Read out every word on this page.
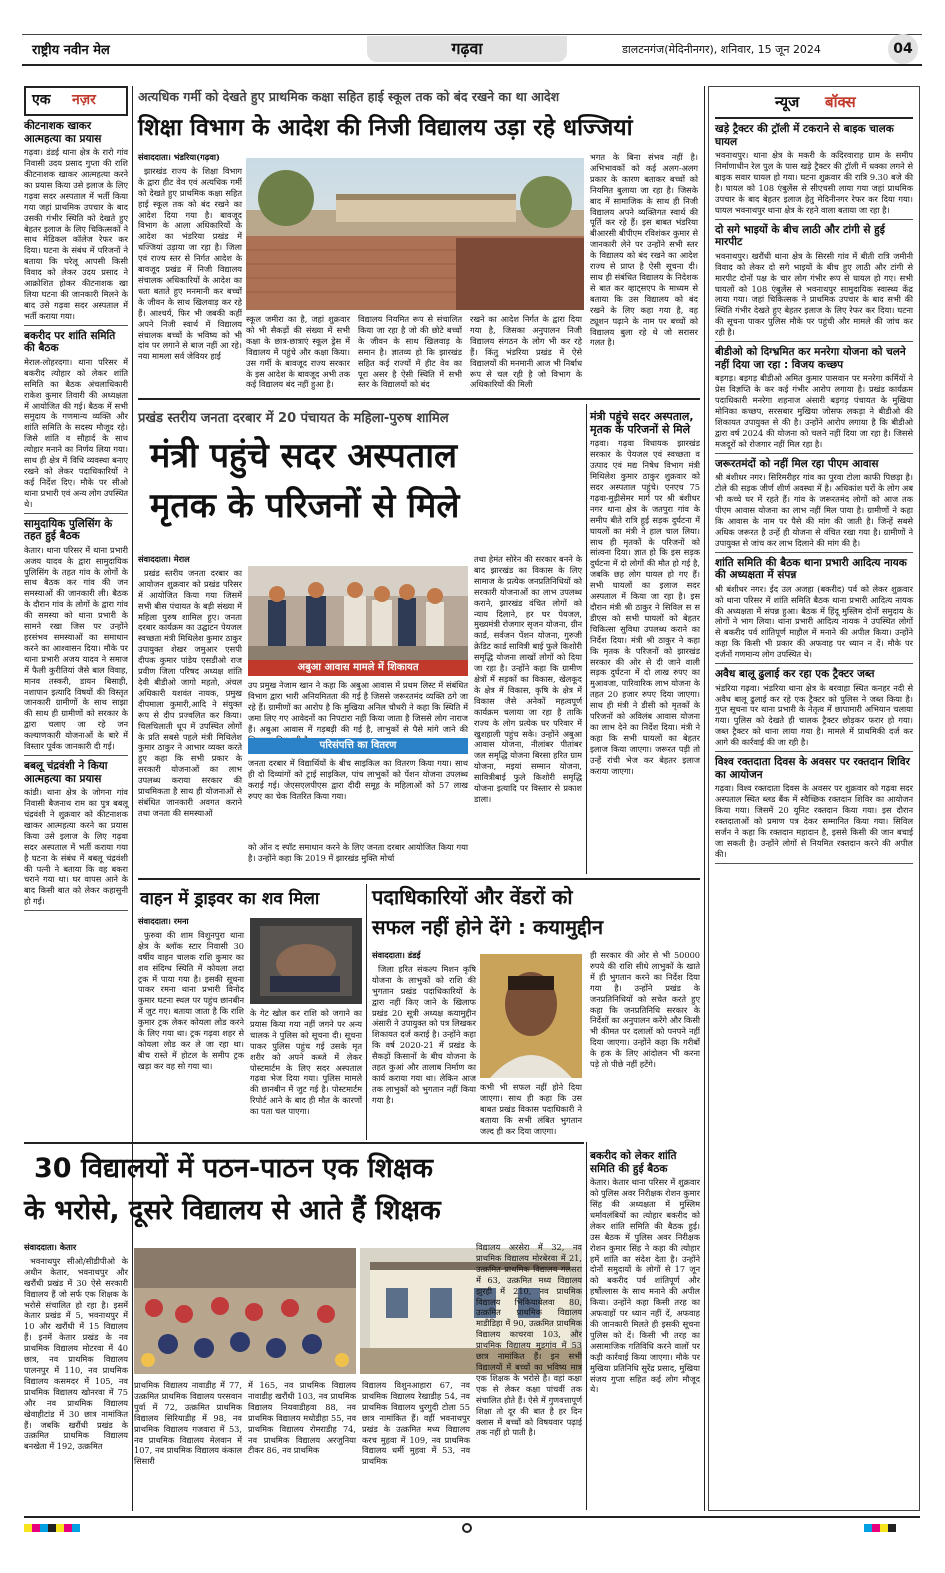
राष्ट्रीय नवीन मेल	गढ़वा	डालटनगंज(मेदिनीनगर), शनिवार, 15 जून 2024	04
एक नज़र
कीटनाशक खाकर आत्महत्या का प्रयास

गढ़वा। डंडई थाना क्षेत्र के रारो गांव निवासी उदय प्रसाद गुप्ता की राशि कीटनाशक खाकर आत्महत्या करने का प्रयास किया उसे इलाज के लिए गढ़वा सदर अस्पताल में भर्ती किया गया जहां प्राथमिक उपचार के बाद उसकी गंभीर स्थिति को देखते हुए बेहतर इलाज के लिए चिकित्सकों ने साथ मेडिकल कॉलेज रेफर कर दिया। घटना के संबंध में परिजनों ने बताया कि घरेलू आपसी किसी विवाद को लेकर उदय प्रसाद ने आक्रोशित होकर कीटनाशक खा लिया घटना की जानकारी मिलने के बाद उसे गढ़वा सदर अस्पताल में भर्ती कराया गया।

बकरीद पर शांति समिति की बैठक

मेराल-लोहरदगा। थाना परिसर में बकरीद त्योहार को लेकर शांति समिति का बैठक अंचलाधिकारी राकेश कुमार तिवारी की अध्यक्षता में आयोजित की गई। बैठक में सभी समुदाय के गणमान्य व्यक्ति और शांति समिति के सदस्य मौजूद रहे। जिसे शांति व सौहार्द के साथ त्योहार मनाने का निर्णय लिया गया। साथ ही क्षेत्र में विधि व्यवस्था बनाए रखने को लेकर पदाधिकारियों ने कई निर्देश दिए। मौके पर सीओ थाना प्रभारी एवं अन्य लोग उपस्थित थे।

सामुदायिक पुलिसिंग के तहत हुई बैठक

केतार। थाना परिसर में थाना प्रभारी अजय यादव के द्वारा सामुदायिक पुलिसिंग के तहत गांव के लोगों के साथ बैठक कर गांव की जन समस्याओं की जानकारी ली। बैठक के दौरान गांव के लोगों के द्वारा गांव की समस्या को थाना प्रभारी के सामने रखा जिस पर उन्होंने हरसंभव समस्याओं का समाधान करने का आश्वासन दिया। मौके पर थाना प्रभारी अजय यादव ने समाज में फैली कुरीतियां जैसे बाल विवाह, मानव तस्करी, डायन बिसाही, नशापान इत्यादि विषयों की विस्तृत जानकारी ग्रामीणों के साथ साझा की साथ ही ग्रामीणों को सरकार के द्वारा चलाए जा रहे जन कल्याणकारी योजनाओं के बारे में विस्तार पूर्वक जानकारी दी गई।

बबलू चंद्रवंशी ने किया आत्महत्या का प्रयास

कांडी। थाना क्षेत्र के जोगना गांव निवासी बैजनाथ राम का पुत्र बबलू चंद्रवंशी ने शुक्रवार को कीटनाशक खाकर आत्महत्या करने का प्रयास किया उसे इलाज के लिए गढ़वा सदर अस्पताल में भर्ती कराया गया है घटना के संबंध में बबलू चंद्रवंशी की पत्नी ने बताया कि वह बकरा चराने गया था। घर वापस आने के बाद किसी बात को लेकर कहासुनी हो गई।

अत्यधिक गर्मी को देखते हुए प्राथमिक कक्षा सहित हाई स्कूल तक को बंद रखने का था आदेश
शिक्षा विभाग के आदेश की निजी विद्यालय उड़ा रहे धज्जियां

संवाददाता। भंडरिया(गढ़वा)

झारखंड राज्य के शिक्षा विभाग के द्वारा हीट वेव एवं अत्यधिक गर्मी को देखते हुए प्राथमिक कक्षा सहित हाई स्कूल तक को बंद रखने का आदेश दिया गया है। बावजूद विभाग के आला अधिकारियों के आदेश का भंडरिया प्रखंड में धज्जियां उड़ाया जा रहा है। जिला एवं राज्य स्तर से निर्गत आदेश के बावजूद प्रखंड में निजी विद्यालय संचालक अधिकारियों के आदेश का धता बताते हुए मनमानी कर बच्चों के जीवन के साथ खिलवाड़ कर रहे हैं। आश्चर्य, फिर भी जबकी कहीं अपने निजी स्वार्थ में विद्यालय संचालक बच्चों के भविष्य को भी दांव पर लगाने से बाज नहीं आ रहे। नया मामला सर्व जेवियर हाई

स्कूल जमीरा का है, जहां शुक्रवार को भी सैकड़ों की संख्या में सभी कक्षा के छात्र-छात्राएं स्कूल ड्रेस में विद्यालय में पहुंचे और कक्षा किया। उस गर्मी के बावजूद राज्य सरकार के इस आदेश के बावजूद अभी तक कई विद्यालय बंद नहीं हुआ है।

विद्यालय नियमित रूप से संचालित किया जा रहा है जो की छोटे बच्चों के जीवन के साथ खिलवाड़ के समान है। ज्ञातव्य हो कि झारखंड सहित कई राज्यों में हीट वेव का पूरा असर है ऐसी स्थिति में सभी स्तर के विद्यालयों को बंद

रखने का आदेश निर्गत के द्वारा दिया गया है, जिसका अनुपालन निजी विद्यालय संगठन के लोग भी कर रहे हैं। किंतु भंडरिया प्रखंड में ऐसे विद्यालयों की मनमानी आज भी निर्बाध रूप से चल रही है जो विभाग के अधिकारियों की मिली

भगत के बिना संभव नहीं है। अभिभावकों को कई अलग-अलग प्रकार के कारण बताकर बच्चों को नियमित बुलाया जा रहा है। जिसके बाद में सामाजिक के साथ ही निजी विद्यालय अपने व्यक्तिगत स्वार्थ की पूर्ति कर रहे हैं। इस बाबत भंडरिया बीआरसी बीपीएम रविशंकर कुमार से जानकारी लेने पर उन्होंने सभी स्तर के विद्यालय को बंद रखने का आदेश राज्य से प्राप्त है ऐसी सूचना दी। साथ ही संबंधित विद्यालय के निदेशक से बात कर व्हाट्सएप के माध्यम से बताया कि उस विद्यालय को बंद रखने के लिए कहा गया है, वह ट्यूशन पढ़ाने के नाम पर बच्चों को विद्यालय बुला रहे थे जो सरासर गलत है।

प्रखंड स्तरीय जनता दरबार में 20 पंचायत के महिला-पुरुष शामिल
मंत्री पहुंचे सदर अस्पताल
मृतक के परिजनों से मिले

संवाददाता। मेराल

प्रखंड स्तरीय जनता दरबार का आयोजन शुक्रवार को प्रखंड परिसर में आयोजित किया गया जिसमें सभी बीस पंचायत के बड़ी संख्या में महिला पुरुष शामिल हुए। जनता दरबार कार्यक्रम का उद्घाटन पेयजल स्वच्छता मंत्री मिथिलेश कुमार ठाकुर उपायुक्त शेखर जमुआर एसपी दीपक कुमार पांडेय एसडीओ राज प्रवीण जिला परिषद अध्यक्ष शांति देवी बीडीओ जागो महतो, अंचल अधिकारी यशवंत नायक, प्रमुख दीपमाला कुमारी,आदि ने संयुक्त रूप से दीप प्रज्वलित कर किया। चिलचिलाती धूप में उपस्थित लोगों के प्रति सबसे पहले मंत्री मिथिलेश कुमार ठाकुर ने आभार व्यक्त करते हुए कहा कि सभी प्रकार के सरकारी योजनाओं का लाभ उपलब्ध कराया सरकार की प्राथमिकता है साथ ही योजनाओं से संबंधित जानकारी अवगत कराने तथा जनता की समस्याओं

अबुआ आवास मामले में शिकायत

उप प्रमुख नेजाम खान ने कहा कि अबुआ आवास में प्रथम लिस्ट में संबंधित विभाग द्वारा भारी अनियमितता की गई है जिससे जरूरतमंद व्यक्ति ठगे जा रहे हैं। ग्रामीणों का आरोप है कि मुखिया अनिल चौधरी ने कहा कि स्थिति में जमा लिए गए आवेदनों का निपटारा नहीं किया जाता है जिससे लोग नाराज हैं। अबुआ आवास में गड़बड़ी की गई है, लाभुकों से पैसे मांगे जाने की

परिसंपत्ति का वितरण

जनता दरबार में विद्यार्थियों के बीच साइकिल का वितरण किया गया। साथ ही दो दिव्यांगों को ट्राई साइकिल, पांच लाभुकों को पेंशन योजना उपलब्ध कराई गई। जेएसएलपीएस द्वारा दीदी समूह के महिलाओं को 57 लाख रुपए का चेक वितरित किया गया।

को ऑन द स्पॉट समाधान करने के लिए जनता दरबार आयोजित किया गया है। उन्होंने कहा कि 2019 में झारखंड मुक्ति मोर्चा

तथा हेमंत सोरेन की सरकार बनने के बाद झारखंड का विकास के लिए सामाज के प्रत्येक जनप्रतिनिधियों को सरकारी योजनाओं का लाभ उपलब्ध कराने, झारखंड वंचित लोगों को न्याय दिलाने, हर घर पेयजल, मुख्यमंत्री रोजगार सृजन योजना, ग्रीन कार्ड, सर्वजन पेंशन योजना, गुरुजी क्रेडिट कार्ड सावित्री बाई फुले किशोरी समृद्धि योजना लाखों लोगों को दिया जा रहा है। उन्होंने कहा कि ग्रामीण क्षेत्रों में सड़कों का विकास, खेलकूद के क्षेत्र में विकास, कृषि के क्षेत्र में विकास जैसे अनेकों महत्वपूर्ण कार्यक्रम चलाया जा रहा है ताकि राज्य के लोग प्रत्येक घर परिवार में खुशहाली पहुंच सके। उन्होंने अबुआ आवास योजना, नीलांबर पीतांबर जल समृद्धि योजना बिरसा हरित ग्राम योजना, मइयां सम्मान योजना, सावित्रीबाई फुले किशोरी समृद्धि योजना इत्यादि पर विस्तार से प्रकाश डाला।

मंत्री पहुंचे सदर अस्पताल, मृतक के परिजनों से मिले

गढ़वा। गढ़वा विधायक झारखंड सरकार के पेयजल एवं स्वच्छता व उत्पाद एवं मद्य निषेध विभाग मंत्री मिथिलेश कुमार ठाकुर शुक्रवार को सदर अस्पताल पहुंचे। एनएच 75 गढ़वा-मुड़ीसेमर मार्ग पर श्री बंशीधर नगर थाना क्षेत्र के जतपुरा गांव के समीप बीते रात्रि हुई सड़क दुर्घटना में घायलों का मंत्री ने हाल चाल लिया। साथ ही मृतकों के परिजनों को सांत्वना दिया। ज्ञात हो कि इस सड़क दुर्घटना में दो लोगों की मौत हो गई है, जबकि छह लोग घायल हो गए हैं। सभी घायलों का इलाज सदर अस्पताल में किया जा रहा है। इस दौरान मंत्री श्री ठाकुर ने सिविल स स डीएस को सभी घायलों को बेहतर चिकित्सा सुविधा उपलब्ध कराने का निर्देश दिया। मंत्री श्री ठाकुर ने कहा कि मृतक के परिजनों को झारखंड सरकार की ओर से दी जाने वाली सड़क दुर्घटना में दो लाख रुपए का मुआवजा, पारिवारिक लाभ योजना के तहत 20 हजार रुपए दिया जाएगा। साथ ही मंत्री ने डीसी को मृतकों के परिजनों को अविलंब आवास योजना का लाभ देने का निर्देश दिया। मंत्री ने कहा कि सभी घायलों का बेहतर इलाज किया जाएगा। जरूरत पड़ी तो उन्हें रांची भेज कर बेहतर इलाज कराया जाएगा।

वाहन में ड्राइवर का शव मिला

संवाददाता। रमना

फुरुवा की शाम विशुनपुरा थाना क्षेत्र के ब्लॉक स्टार निवासी 30 वर्षीय वाहन चालक राशि कुमार का शव संदिग्ध स्थिति में कोयला लदा ट्रक में पाया गया है। इसकी सूचना पाकर रमना थाना प्रभारी विनोद कुमार घटना स्थल पर पहुंच छानबीन में जुट गए। बताया जाता है कि राशि कुमार ट्रक लेकर कोयला लोड करने के लिए गया था। ट्रक गढ़वा शहर से कोयला लोड कर ले जा रहा था। बीच रास्ते में होटल के समीप ट्रक खड़ा कर वह सो गया था।

के गेट खोल कर राशि को जगाने का प्रयास किया गया नहीं जगने पर अन्य चालक ने पुलिस को सूचना दी। सूचना पाकर पुलिस पहुंच गई उसके मृत शरीर को अपने कब्जे में लेकर पोस्टमार्टम के लिए सदर अस्पताल गढ़वा भेज दिया गया। पुलिस मामले की छानबीन में जुट गई है। पोस्टमार्टम रिपोर्ट आने के बाद ही मौत के कारणों का पता चल पाएगा।

पदाधिकारियों और वेंडरों को
सफल नहीं होने देंगे : कयामुद्दीन

संवाददाता। डंडई

जिला हरित संकल्प मिशन कृषि योजना के लाभुकों को राशि की भुगतान प्रखंड पदाधिकारियों के द्वारा नहीं किए जाने के खिलाफ प्रखंड 20 सूत्री अध्यक्ष कयामुद्दीन अंसारी ने उपायुक्त को पत्र लिखकर शिकायत दर्ज कराई है। उन्होंने कहा कि वर्ष 2020-21 में प्रखंड के सैकड़ों किसानों के बीच योजना के तहत कुआं और तालाब निर्माण का कार्य कराया गया था। लेकिन आज तक लाभुकों को भुगतान नहीं किया गया है।

कभी भी सफल नहीं होने दिया जाएगा। साथ ही कहा कि उस बाबत प्रखंड विकास पदाधिकारी ने बताया कि सभी लंबित भुगतान जल्द ही कर दिया जाएगा।

ही सरकार की ओर से भी 50000 रुपये की राशि सीधे लाभुकों के खाते में ही भुगतान करने का निर्देश दिया गया है। उन्होंने प्रखंड के जनप्रतिनिधियों को सचेत करते हुए कहा कि जनप्रतिनिधि सरकार के निर्देशों का अनुपालन करेंगे और किसी भी कीमत पर दलालों को पनपने नहीं दिया जाएगा। उन्होंने कहा कि गरीबों के हक के लिए आंदोलन भी करना पड़े तो पीछे नहीं हटेंगे।

30 विद्यालयों में पठन-पाठन एक शिक्षक
के भरोसे, दूसरे विद्यालय से आते हैं शिक्षक

संवाददाता। केतार

भवनाथपुर सीओ/सीडीपीओ के अधीन केतार, भवनाथपुर और खरौंधी प्रखंड में 30 ऐसे सरकारी विद्यालय हैं जो सर्फ एक शिक्षक के भरोसे संचालित हो रहा है। इसमें केतार प्रखंड में 5, भवनाथपुर में 10 और खरौंधी में 15 विद्यालय हैं। इनमें केतार प्रखंड के नव प्राथमिक विद्यालय मोटरवा में 40 छात्र, नव प्राथमिक विद्यालय पालनपुर में 110, नव प्राथमिक विद्यालय कसमदर में 105, नव प्राथमिक विद्यालय खोनरवा में 75 और नव प्राथमिक विद्यालय खेवाहीटांड में 30 छात्र नामांकित हैं। जबकि खरौंधी प्रखंड के उत्क्रमित प्राथमिक विद्यालय बनखेता में 192, उत्क्रमित

प्राथमिक विद्यालय नावाडीह में 77, उत्क्रमित प्राथमिक विद्यालय परसवान पुर्वा में 72, उत्क्रमित प्राथमिक विद्यालय सिरियाडीह में 98, नव प्राथमिक विद्यालय गजवारा में 53, नव प्राथमिक विद्यालय मेलवान में 107, नव प्राथमिक विद्यालय कंकाल सिसारी

में 165, नव प्राथमिक विद्यालय नावाडीह खरौंधी 103, नव प्राथमिक विद्यालय नियवाडीहवा 88, नव प्राथमिक विद्यालय मधोडीहा 55, नव प्राथमिक विद्यालय रोमराडीह 74, नव प्राथमिक विद्यालय अरजुनिया टीकर 86, नव प्राथमिक

विद्यालय विशुनआहारा 67, नव प्राथमिक विद्यालय रेखाडीह 54, नव प्राथमिक विद्यालय धुरगुदी टोला 55 छात्र नामांकित हैं। वहीं भवनाथपुर प्रखंड के उत्क्रमित मध्य विद्यालय करच मुहवा में 109, नव प्राथमिक विद्यालय धर्मी मुहवा में 53, नव प्राथमिक

विद्यालय अरसेरा में 32, नव प्राथमिक विद्यालय मोरबेरवा में 21, उत्क्रमित प्राथमिक विद्यालय गलसरा में 63, उत्क्रमित मध्य विद्यालय झुरही में 210, नव प्राथमिक विद्यालय भिकियाबेलवा 80, उत्क्रमित प्राथमिक विद्यालय माडीडिहा में 90, उत्क्रमित प्राथमिक विद्यालय काचरवा 103, और प्राथमिक विद्यालय मुडगांव में 53 छात्र नामांकित हैं। इन सभी विद्यालयों में बच्चों का भविष्य मात्र एक शिक्षक के भरोसे है। वहां कक्षा एक से लेकर कक्षा पांचवीं तक संचालित होते हैं। ऐसे में गुणवत्तापूर्ण शिक्षा तो दूर की बात है हर दिन क्लास में बच्चों को विषयवार पढ़ाई तक नहीं हो पाती है।

बकरीद को लेकर शांति समिति की हुई बैठक

केतार। केतार थाना परिसर में शुक्रवार को पुलिस अवर निरीक्षक रोशन कुमार सिंह की अध्यक्षता में मुस्लिम धर्मावलंबियों का त्योहार बकरीद को लेकर शांति समिति की बैठक हुई। उस बैठक में पुलिस अवर निरीक्षक रोशन कुमार सिंह ने कहा की त्योहार हमें शांति का संदेश देता है। उन्होंने दोनों समुदायों के लोगों से 17 जून को बकरीद पर्व शांतिपूर्ण और हर्षोल्लास के साथ मनाने की अपील किया। उन्होंने कहा किसी तरह का अफवाहों पर ध्यान नहीं दें, अफवाह की जानकारी मिलते ही इसकी सूचना पुलिस को दें। किसी भी तरह का असामाजिक गतिविधि करने वालों पर कड़ी कार्रवाई किया जाएगा। मौके पर मुखिया प्रतिनिधि सुरेंद्र प्रसाद, मुखिया संजय गुप्ता सहित कई लोग मौजूद थे।

न्यूज बॉक्स
खड़े ट्रैक्टर की ट्रॉली में टकराने से बाइक चालक घायल

भवनाथपुर। थाना क्षेत्र के मकरी के कदिरवाराह ग्राम के समीप निर्माणाधीन रेल पुल के पास खड़े ट्रैक्टर की ट्रॉली में धक्का लगने से बाइक सवार घायल हो गया। घटना शुक्रवार की रात्रि 9.30 बजे की है। घायल को 108 एंबुलेंस से सीएचसी लाया गया जहां प्राथमिक उपचार के बाद बेहतर इलाज हेतु मेदिनीनगर रेफर कर दिया गया। घायल भवनाथपुर थाना क्षेत्र के रहने वाला बताया जा रहा है।

दो सगे भाइयों के बीच लाठी और टांगी से हुई मारपीट

भवनाथपुर। खरौंधी थाना क्षेत्र के सिरसी गांव में बीती रात्रि जमीनी विवाद को लेकर दो सगे भाइयों के बीच हुए लाठी और टांगी से मारपीट दोनों पक्ष के चार लोग गंभीर रूप से घायल हो गए। सभी घायलों को 108 एंबुलेंस से भवनाथपुर सामुदायिक स्वास्थ्य केंद्र लाया गया। जहां चिकित्सक ने प्राथमिक उपचार के बाद सभी की स्थिति गंभीर देखते हुए बेहतर इलाज के लिए रेफर कर दिया। घटना की सूचना पाकर पुलिस मौके पर पहुंची और मामले की जांच कर रही है।

बीडीओ को दिग्भ्रमित कर मनरेगा योजना को चलने नहीं दिया जा रहा : विजय कच्छप

बड़गड़। बड़गड़ बीडीओ अमित कुमार पासवान पर मनरेगा कर्मियों ने प्रेस विज्ञप्ति के कर कई गंभीर आरोप लगाया है। प्रखंड कार्यक्रम पदाधिकारी मनरेगा शहनाज अंसारी बड़गड़ पंचायत के मुखिया मोनिका कच्छप, सरसबार मुखिया जोसफ लकड़ा ने बीडीओ की शिकायत उपायुक्त से की है। उन्होंने आरोप लगाया है कि बीडीओ द्वारा वर्ष 2024 की योजना को चलने नहीं दिया जा रहा है। जिससे मजदूरों को रोजगार नहीं मिल रहा है।

जरूरतमंदों को नहीं मिल रहा पीएम आवास

श्री बंशीधर नगर। सिरिमरीहर गांव का पुरवा टोला काफी पिछड़ा है। टोले की सड़क जीर्ण शीर्ण अवस्था में है। अधिकांश घरों के लोग अब भी कच्चे घर में रहते हैं। गांव के जरूरतमंद लोगों को आज तक पीएम आवास योजना का लाभ नहीं मिल पाया है। ग्रामीणों ने कहा कि आवास के नाम पर पैसे की मांग की जाती है। जिन्हें सबसे अधिक जरूरत है उन्हें ही योजना से वंचित रखा गया है। ग्रामीणों ने उपायुक्त से जांच कर लाभ दिलाने की मांग की है।

शांति समिति की बैठक थाना प्रभारी आदित्य नायक की अध्यक्षता में संपन्न

श्री बंशीधर नगर। ईद उल अजहा (बकरीद) पर्व को लेकर शुक्रवार को थाना परिसर में शांति समिति बैठक थाना प्रभारी आदित्य नायक की अध्यक्षता में संपन्न हुआ। बैठक में हिंदू मुस्लिम दोनों समुदाय के लोगों ने भाग लिया। थाना प्रभारी आदित्य नायक ने उपस्थित लोगों से बकरीद पर्व शांतिपूर्ण माहौल में मनाने की अपील किया। उन्होंने कहा कि किसी भी प्रकार की अफवाह पर ध्यान न दें। मौके पर दर्जनों गणमान्य लोग उपस्थित थे।

अवैध बालू ढुलाई कर रहा एक ट्रैक्टर जब्त

भंडरिया गढ़वा। भंडरिया थाना क्षेत्र के बरवाहा स्थित कनहर नदी से अवैध बालू ढुलाई कर रहे एक ट्रैक्टर को पुलिस ने जब्त किया है। गुप्त सूचना पर थाना प्रभारी के नेतृत्व में छापामारी अभियान चलाया गया। पुलिस को देखते ही चालक ट्रैक्टर छोड़कर फरार हो गया। जब्त ट्रैक्टर को थाना लाया गया है। मामले में प्राथमिकी दर्ज कर आगे की कार्रवाई की जा रही है।

विश्व रक्तदाता दिवस के अवसर पर रक्तदान शिविर का आयोजन

गढ़वा। विश्व रक्तदाता दिवस के अवसर पर शुक्रवार को गढ़वा सदर अस्पताल स्थित ब्लड बैंक में स्वैच्छिक रक्तदान शिविर का आयोजन किया गया। जिसमें 20 यूनिट रक्तदान किया गया। इस दौरान रक्तदाताओं को प्रमाण पत्र देकर सम्मानित किया गया। सिविल सर्जन ने कहा कि रक्तदान महादान है, इससे किसी की जान बचाई जा सकती है। उन्होंने लोगों से नियमित रक्तदान करने की अपील की।
